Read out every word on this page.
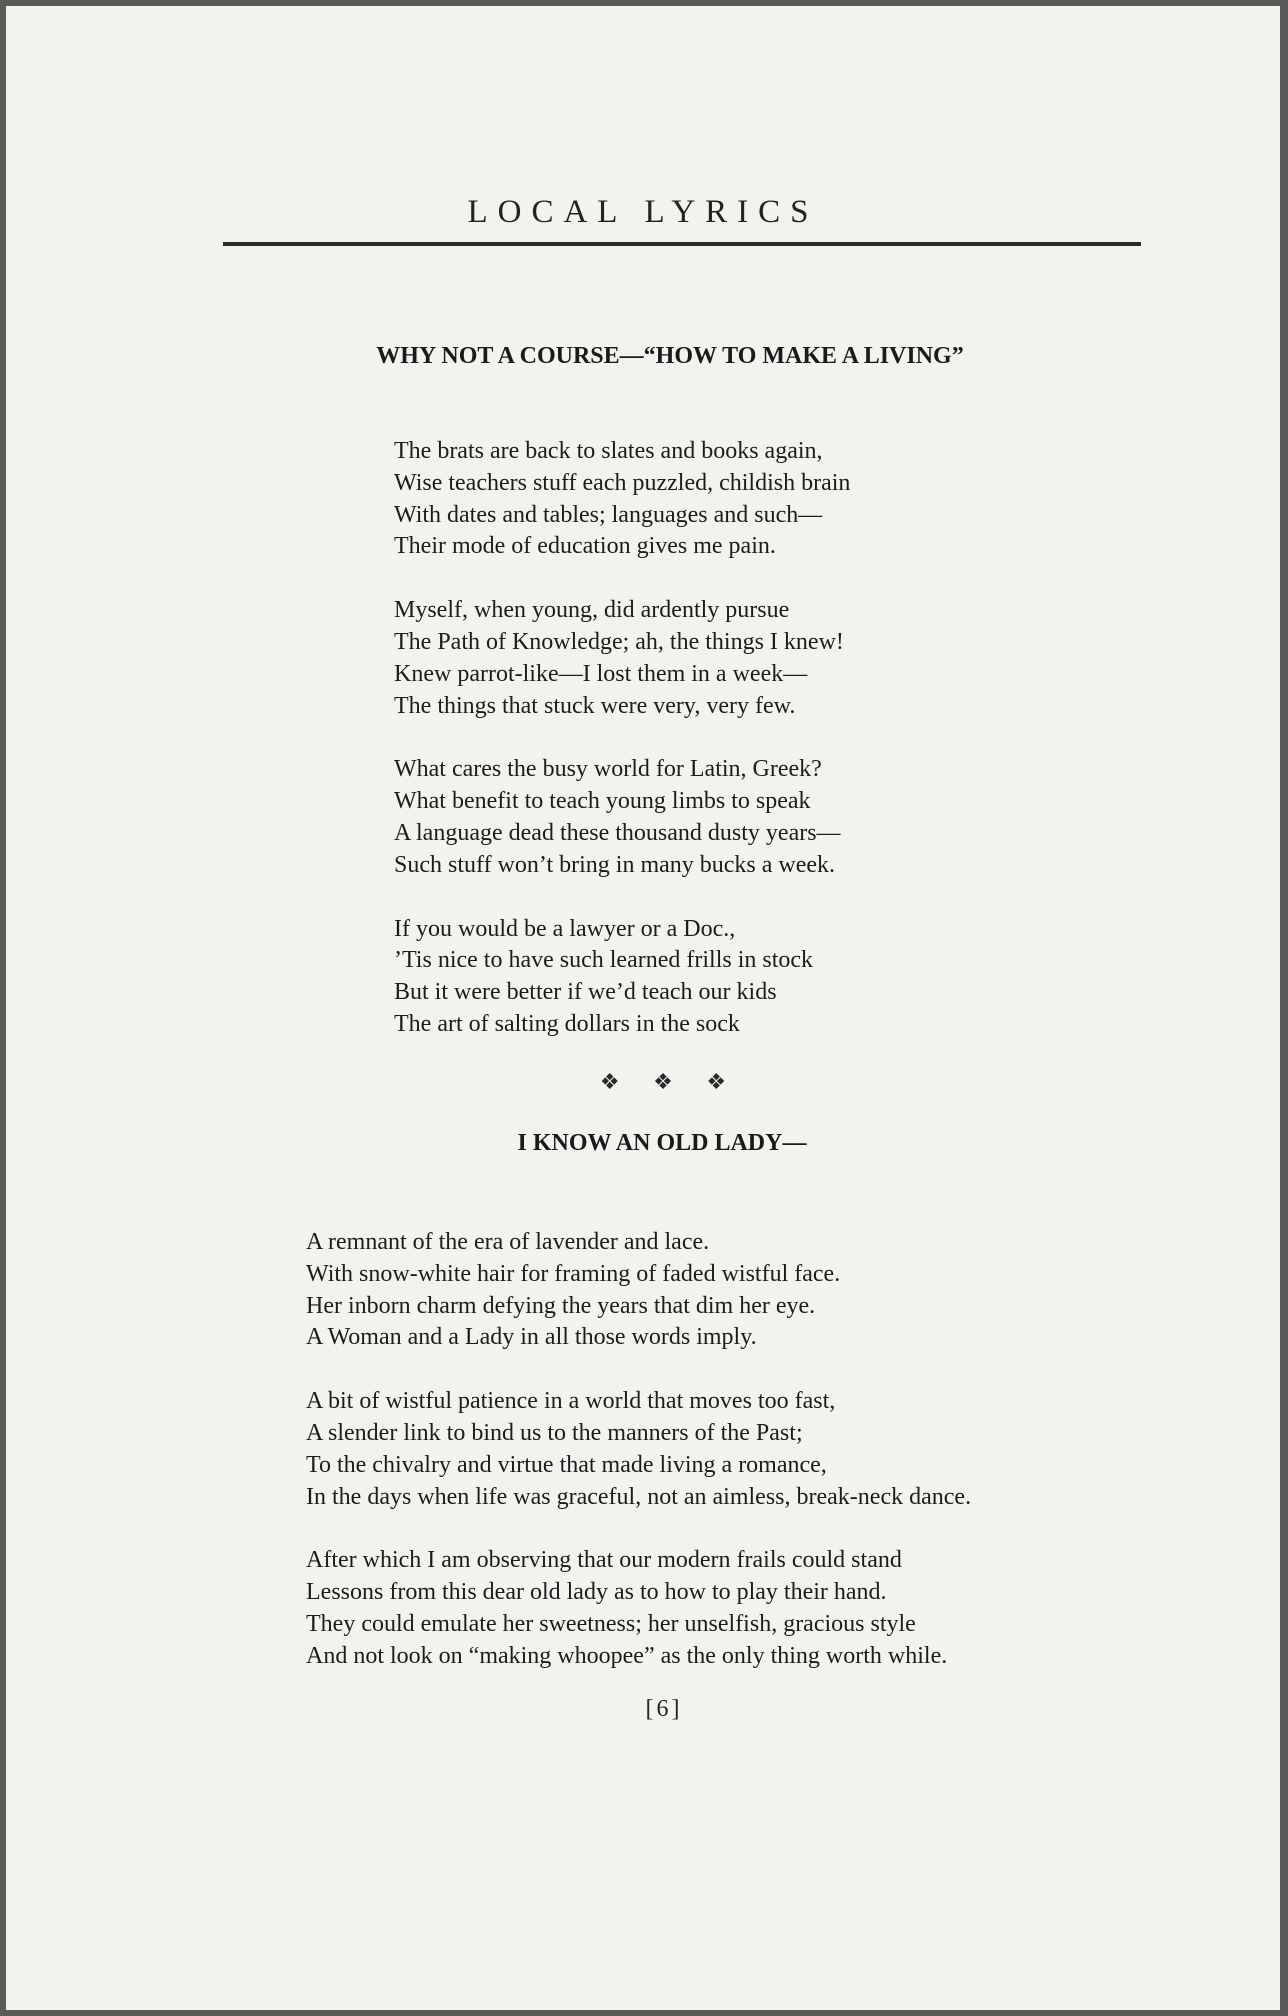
LOCAL LYRICS
WHY NOT A COURSE—“HOW TO MAKE A LIVING”
The brats are back to slates and books again,
Wise teachers stuff each puzzled, childish brain
With dates and tables; languages and such—
Their mode of education gives me pain.
Myself, when young, did ardently pursue
The Path of Knowledge; ah, the things I knew!
Knew parrot-like—I lost them in a week—
The things that stuck were very, very few.
What cares the busy world for Latin, Greek?
What benefit to teach young limbs to speak
A language dead these thousand dusty years—
Such stuff won’t bring in many bucks a week.
If you would be a lawyer or a Doc.,
’Tis nice to have such learned frills in stock
But it were better if we’d teach our kids
The art of salting dollars in the sock
❖ ❖ ❖
I KNOW AN OLD LADY—
A remnant of the era of lavender and lace.
With snow-white hair for framing of faded wistful face.
Her inborn charm defying the years that dim her eye.
A Woman and a Lady in all those words imply.
A bit of wistful patience in a world that moves too fast,
A slender link to bind us to the manners of the Past;
To the chivalry and virtue that made living a romance,
In the days when life was graceful, not an aimless, break-neck dance.
After which I am observing that our modern frails could stand
Lessons from this dear old lady as to how to play their hand.
They could emulate her sweetness; her unselfish, gracious style
And not look on “making whoopee” as the only thing worth while.
[6]
